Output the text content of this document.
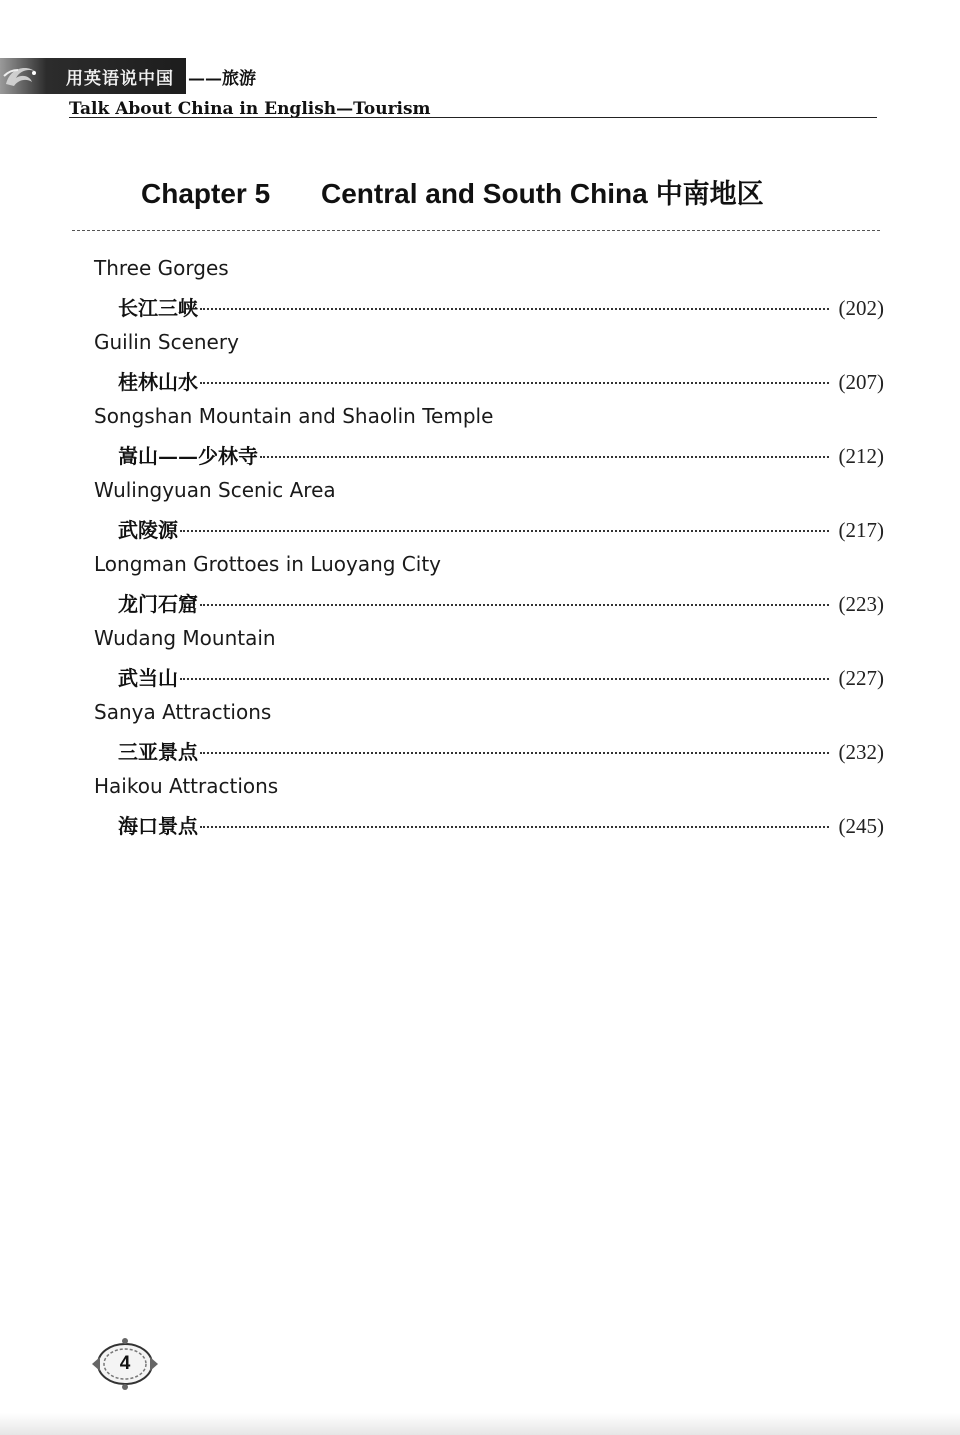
用英语说中国 ——旅游
Talk About China in English—Tourism
Chapter 5 Central and South China 中南地区
Three Gorges
长江三峡	(202)
Guilin Scenery
桂林山水	(207)
Songshan Mountain and Shaolin Temple
嵩山——少林寺	(212)
Wulingyuan Scenic Area
武陵源	(217)
Longman Grottoes in Luoyang City
龙门石窟	(223)
Wudang Mountain
武当山	(227)
Sanya Attractions
三亚景点	(232)
Haikou Attractions
海口景点	(245)
4
